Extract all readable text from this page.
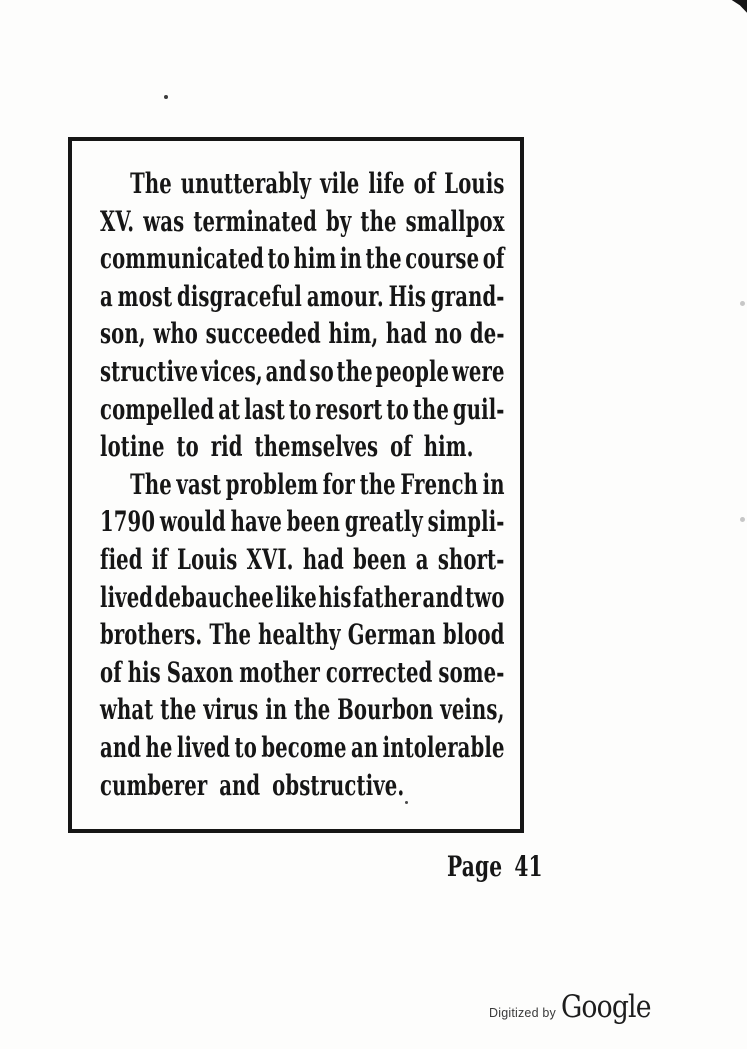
The unutterably vile life of Louis
XV. was terminated by the smallpox
communicated to him in the course of
a most disgraceful amour. His grand-
son, who succeeded him, had no de-
structive vices, and so the people were
compelled at last to resort to the guil-
lotine to rid themselves of him.
The vast problem for the French in
1790 would have been greatly simpli-
fied if Louis XVI. had been a short-
lived debauchee like his father and two
brothers. The healthy German blood
of his Saxon mother corrected some-
what the virus in the Bourbon veins,
and he lived to become an intolerable
cumberer and obstructive.
Page 41
Digitized by Google
